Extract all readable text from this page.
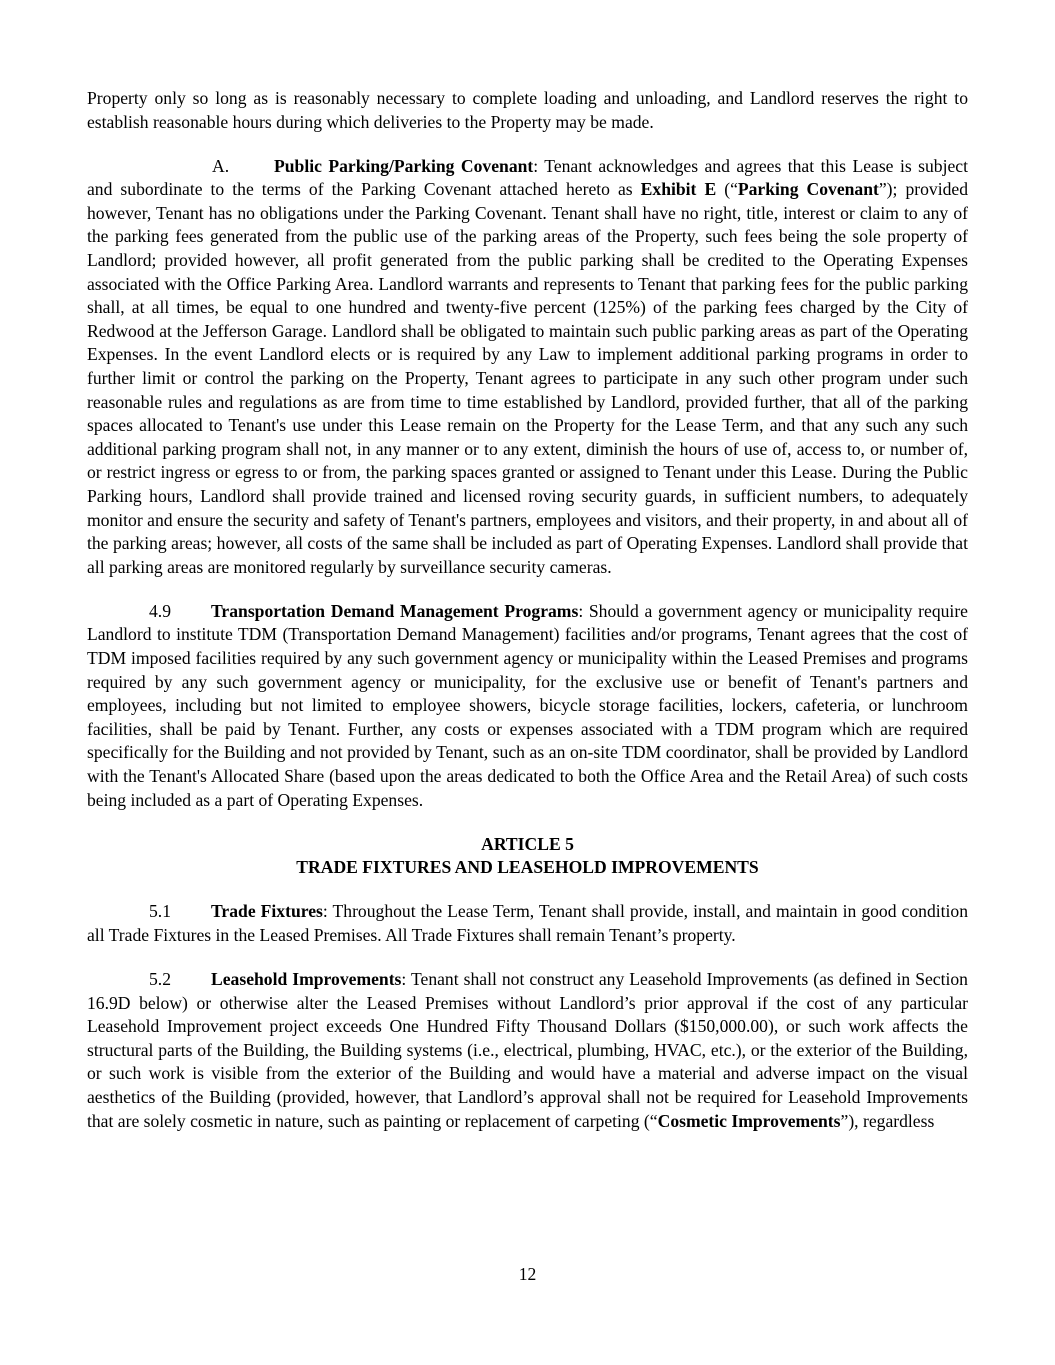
Property only so long as is reasonably necessary to complete loading and unloading, and Landlord reserves the right to establish reasonable hours during which deliveries to the Property may be made.

A.	Public Parking/Parking Covenant: Tenant acknowledges and agrees that this Lease is subject and subordinate to the terms of the Parking Covenant attached hereto as Exhibit E (“Parking Covenant”); provided however, Tenant has no obligations under the Parking Covenant. Tenant shall have no right, title, interest or claim to any of the parking fees generated from the public use of the parking areas of the Property, such fees being the sole property of Landlord; provided however, all profit generated from the public parking shall be credited to the Operating Expenses associated with the Office Parking Area. Landlord warrants and represents to Tenant that parking fees for the public parking shall, at all times, be equal to one hundred and twenty-five percent (125%) of the parking fees charged by the City of Redwood at the Jefferson Garage. Landlord shall be obligated to maintain such public parking areas as part of the Operating Expenses. In the event Landlord elects or is required by any Law to implement additional parking programs in order to further limit or control the parking on the Property, Tenant agrees to participate in any such other program under such reasonable rules and regulations as are from time to time established by Landlord, provided further, that all of the parking spaces allocated to Tenant's use under this Lease remain on the Property for the Lease Term, and that any such any such additional parking program shall not, in any manner or to any extent, diminish the hours of use of, access to, or number of, or restrict ingress or egress to or from, the parking spaces granted or assigned to Tenant under this Lease. During the Public Parking hours, Landlord shall provide trained and licensed roving security guards, in sufficient numbers, to adequately monitor and ensure the security and safety of Tenant's partners, employees and visitors, and their property, in and about all of the parking areas; however, all costs of the same shall be included as part of Operating Expenses. Landlord shall provide that all parking areas are monitored regularly by surveillance security cameras.

4.9 Transportation Demand Management Programs: Should a government agency or municipality require Landlord to institute TDM (Transportation Demand Management) facilities and/or programs, Tenant agrees that the cost of TDM imposed facilities required by any such government agency or municipality within the Leased Premises and programs required by any such government agency or municipality, for the exclusive use or benefit of Tenant's partners and employees, including but not limited to employee showers, bicycle storage facilities, lockers, cafeteria, or lunchroom facilities, shall be paid by Tenant. Further, any costs or expenses associated with a TDM program which are required specifically for the Building and not provided by Tenant, such as an on-site TDM coordinator, shall be provided by Landlord with the Tenant's Allocated Share (based upon the areas dedicated to both the Office Area and the Retail Area) of such costs being included as a part of Operating Expenses.

ARTICLE 5
TRADE FIXTURES AND LEASEHOLD IMPROVEMENTS

5.1 Trade Fixtures: Throughout the Lease Term, Tenant shall provide, install, and maintain in good condition all Trade Fixtures in the Leased Premises. All Trade Fixtures shall remain Tenant’s property.

5.2 Leasehold Improvements: Tenant shall not construct any Leasehold Improvements (as defined in Section 16.9D below) or otherwise alter the Leased Premises without Landlord’s prior approval if the cost of any particular Leasehold Improvement project exceeds One Hundred Fifty Thousand Dollars ($150,000.00), or such work affects the structural parts of the Building, the Building systems (i.e., electrical, plumbing, HVAC, etc.), or the exterior of the Building, or such work is visible from the exterior of the Building and would have a material and adverse impact on the visual aesthetics of the Building (provided, however, that Landlord’s approval shall not be required for Leasehold Improvements that are solely cosmetic in nature, such as painting or replacement of carpeting (“Cosmetic Improvements”), regardless

12
